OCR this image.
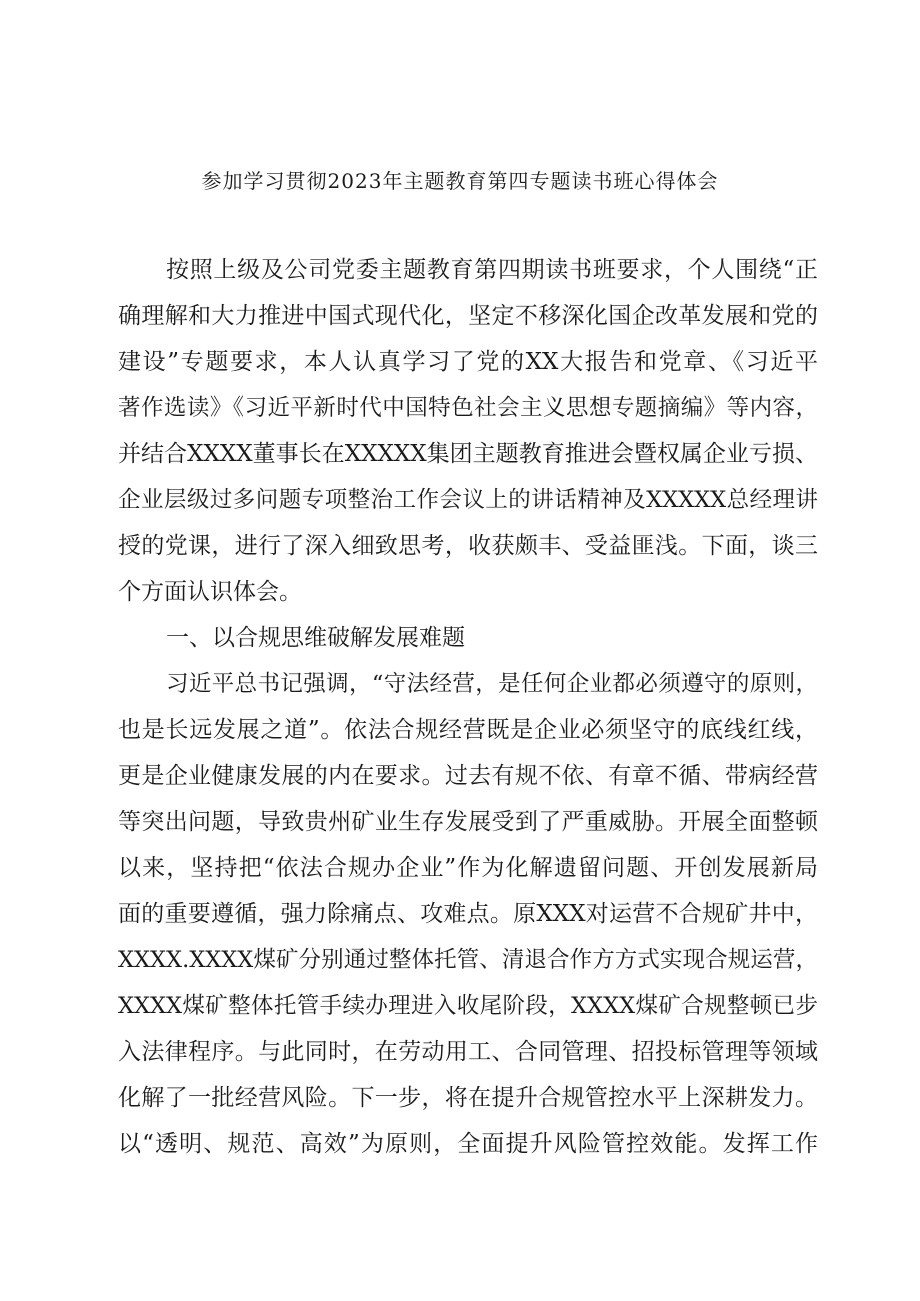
参加学习贯彻2023年主题教育第四专题读书班心得体会
按照上级及公司党委主题教育第四期读书班要求，个人围绕“正
确理解和大力推进中国式现代化，坚定不移深化国企改革发展和党的
建设”专题要求，本人认真学习了党的XX大报告和党章、《习近平
著作选读》《习近平新时代中国特色社会主义思想专题摘编》等内容，
并结合XXXX董事长在XXXXX集团主题教育推进会暨权属企业亏损、
企业层级过多问题专项整治工作会议上的讲话精神及XXXXX总经理讲
授的党课，进行了深入细致思考，收获颇丰、受益匪浅。下面，谈三
个方面认识体会。
一、以合规思维破解发展难题
习近平总书记强调，“守法经营，是任何企业都必须遵守的原则，
也是长远发展之道”。依法合规经营既是企业必须坚守的底线红线，
更是企业健康发展的内在要求。过去有规不依、有章不循、带病经营
等突出问题，导致贵州矿业生存发展受到了严重威胁。开展全面整顿
以来，坚持把“依法合规办企业”作为化解遗留问题、开创发展新局
面的重要遵循，强力除痛点、攻难点。原XXX对运营不合规矿井中，
XXXX.XXXX煤矿分别通过整体托管、清退合作方方式实现合规运营，
XXXX煤矿整体托管手续办理进入收尾阶段，XXXX煤矿合规整顿已步
入法律程序。与此同时，在劳动用工、合同管理、招投标管理等领域
化解了一批经营风险。下一步，将在提升合规管控水平上深耕发力。
以“透明、规范、高效”为原则，全面提升风险管控效能。发挥工作
